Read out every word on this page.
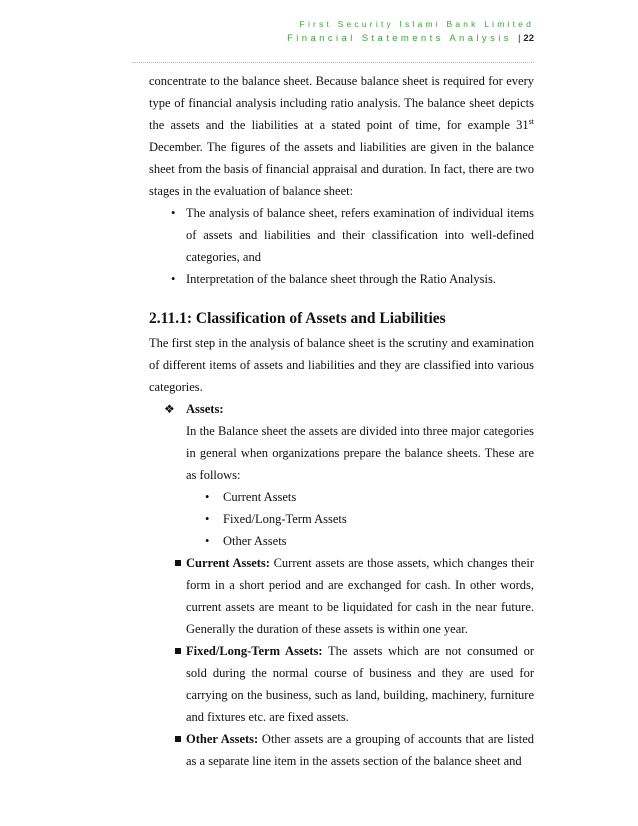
First Security Islami Bank Limited
Financial Statements Analysis | 22

concentrate to the balance sheet. Because balance sheet is required for every type of financial analysis including ratio analysis. The balance sheet depicts the assets and the liabilities at a stated point of time, for example 31st December. The figures of the assets and liabilities are given in the balance sheet from the basis of financial appraisal and duration. In fact, there are two stages in the evaluation of balance sheet:

• The analysis of balance sheet, refers examination of individual items of assets and liabilities and their classification into well-defined categories, and
• Interpretation of the balance sheet through the Ratio Analysis.
2.11.1: Classification of Assets and Liabilities

The first step in the analysis of balance sheet is the scrutiny and examination of different items of assets and liabilities and they are classified into various categories.

❖ Assets:

In the Balance sheet the assets are divided into three major categories in general when organizations prepare the balance sheets. These are as follows:

• Current Assets
• Fixed/Long-Term Assets
• Other Assets
Current Assets: Current assets are those assets, which changes their form in a short period and are exchanged for cash. In other words, current assets are meant to be liquidated for cash in the near future. Generally the duration of these assets is within one year.
Fixed/Long-Term Assets: The assets which are not consumed or sold during the normal course of business and they are used for carrying on the business, such as land, building, machinery, furniture and fixtures etc. are fixed assets.
Other Assets: Other assets are a grouping of accounts that are listed as a separate line item in the assets section of the balance sheet and
